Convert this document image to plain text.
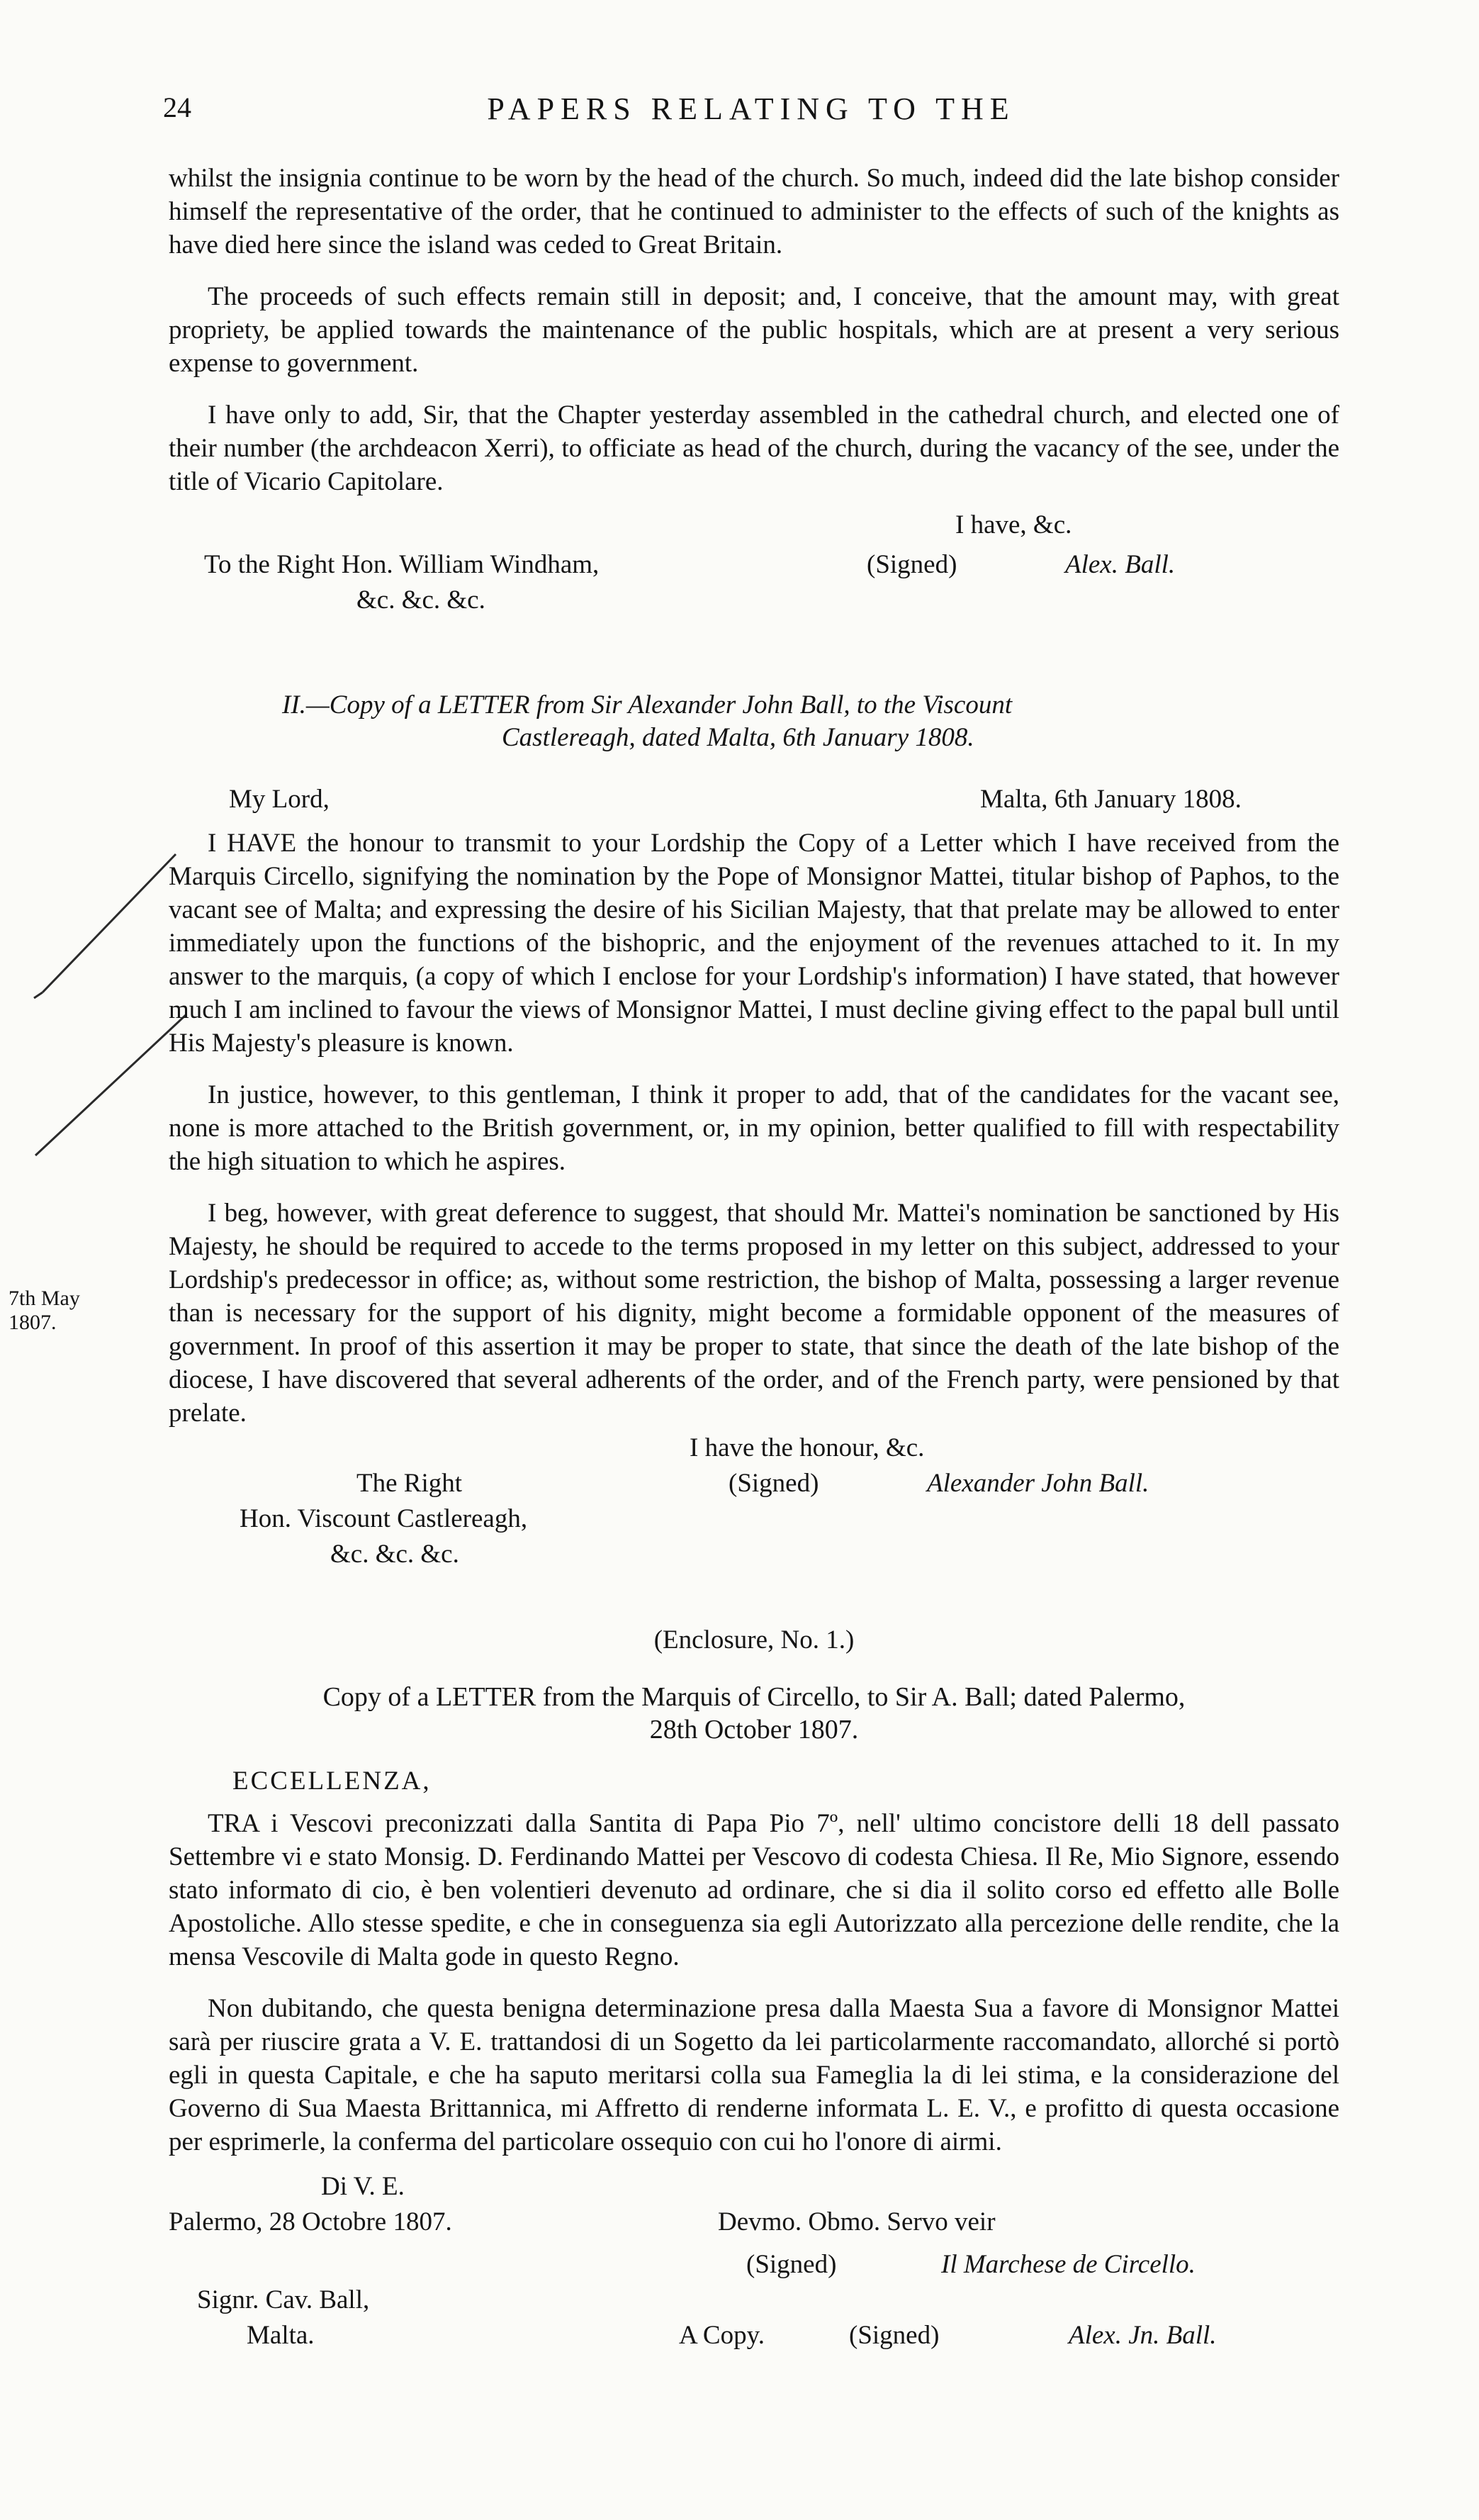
24	PAPERS RELATING TO THE

whilst the insignia continue to be worn by the head of the church. So much, indeed did the late bishop consider himself the representative of the order, that he continued to administer to the effects of such of the knights as have died here since the island was ceded to Great Britain.

The proceeds of such effects remain still in deposit; and, I conceive, that the amount may, with great propriety, be applied towards the maintenance of the public hospitals, which are at present a very serious expense to government.

I have only to add, Sir, that the Chapter yesterday assembled in the cathedral church, and elected one of their number (the archdeacon Xerri), to officiate as head of the church, during the vacancy of the see, under the title of Vicario Capitolare.

I have, &c.
To the Right Hon. William Windham,	(Signed)	Alex. Ball.
&c. &c. &c.
II.—Copy of a LETTER from Sir Alexander John Ball, to the Viscount
Castlereagh, dated Malta, 6th January 1808.
My Lord,	Malta, 6th January 1808.

I HAVE the honour to transmit to your Lordship the Copy of a Letter which I have received from the Marquis Circello, signifying the nomination by the Pope of Monsignor Mattei, titular bishop of Paphos, to the vacant see of Malta; and expressing the desire of his Sicilian Majesty, that that prelate may be allowed to enter immediately upon the functions of the bishopric, and the enjoyment of the revenues attached to it. In my answer to the marquis, (a copy of which I enclose for your Lordship's information) I have stated, that however much I am inclined to favour the views of Monsignor Mattei, I must decline giving effect to the papal bull until His Majesty's pleasure is known.

In justice, however, to this gentleman, I think it proper to add, that of the candidates for the vacant see, none is more attached to the British government, or, in my opinion, better qualified to fill with respectability the high situation to which he aspires.

I beg, however, with great deference to suggest, that should Mr. Mattei's nomination be sanctioned by His Majesty, he should be required to accede to the terms proposed in my letter on this subject, addressed to your Lordship's predecessor in office; as, without some restriction, the bishop of Malta, possessing a larger revenue than is necessary for the support of his dignity, might become a formidable opponent of the measures of government. In proof of this assertion it may be proper to state, that since the death of the late bishop of the diocese, I have discovered that several adherents of the order, and of the French party, were pensioned by that prelate.

I have the honour, &c.
The Right	(Signed)	Alexander John Ball.
Hon. Viscount Castlereagh,
&c. &c. &c.
7th May
1807.
(Enclosure, No. 1.)
Copy of a LETTER from the Marquis of Circello, to Sir A. Ball; dated Palermo,
28th October 1807.
ECCELLENZA,

TRA i Vescovi preconizzati dalla Santita di Papa Pio 7º, nell' ultimo concistore delli 18 dell passato Settembre vi e stato Monsig. D. Ferdinando Mattei per Vescovo di codesta Chiesa. Il Re, Mio Signore, essendo stato informato di cio, è ben volentieri devenuto ad ordinare, che si dia il solito corso ed effetto alle Bolle Apostoliche. Allo stesse spedite, e che in conseguenza sia egli Autorizzato alla percezione delle rendite, che la mensa Vescovile di Malta gode in questo Regno.

Non dubitando, che questa benigna determinazione presa dalla Maesta Sua a favore di Monsignor Mattei sarà per riuscire grata a V. E. trattandosi di un Sogetto da lei particolarmente raccomandato, allorché si portò egli in questa Capitale, e che ha saputo meritarsi colla sua Fameglia la di lei stima, e la considerazione del Governo di Sua Maesta Brittannica, mi Affretto di renderne informata L. E. V., e profitto di questa occasione per esprimerle, la conferma del particolare ossequio con cui ho l'onore di airmi.

Di V. E.
Palermo, 28 Octobre 1807.	Devmo. Obmo. Servo veir
(Signed)	Il Marchese de Circello.
Signr. Cav. Ball,
Malta.	A Copy.	(Signed)	Alex. Jn. Ball.
